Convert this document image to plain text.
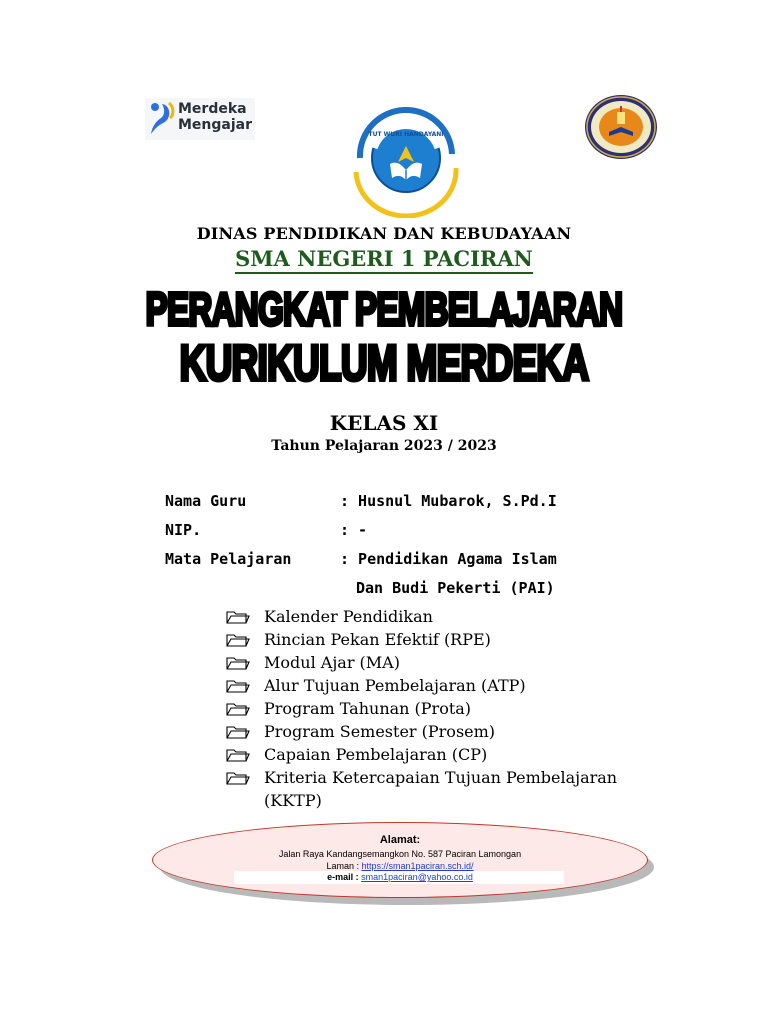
Merdeka
Mengajar
TUT WURI HANDAYANI
DINAS PENDIDIKAN DAN KEBUDAYAAN
SMA NEGERI 1 PACIRAN
PERANGKAT PEMBELAJARAN
KURIKULUM MERDEKA
KELAS XI
Tahun Pelajaran 2023 / 2023
Nama Guru	: Husnul Mubarok, S.Pd.I
NIP.	: -
Mata Pelajaran	: Pendidikan Agama Islam
Dan Budi Pekerti (PAI)
Kalender Pendidikan
Rincian Pekan Efektif (RPE)
Modul Ajar (MA)
Alur Tujuan Pembelajaran (ATP)
Program Tahunan (Prota)
Program Semester (Prosem)
Capaian Pembelajaran (CP)
Kriteria Ketercapaian Tujuan Pembelajaran (KKTP)
Alamat:
Jalan Raya Kandangsemangkon No. 587 Paciran Lamongan
Laman : https://sman1paciran.sch.id/
e-mail : sman1paciran@yahoo.co.id
